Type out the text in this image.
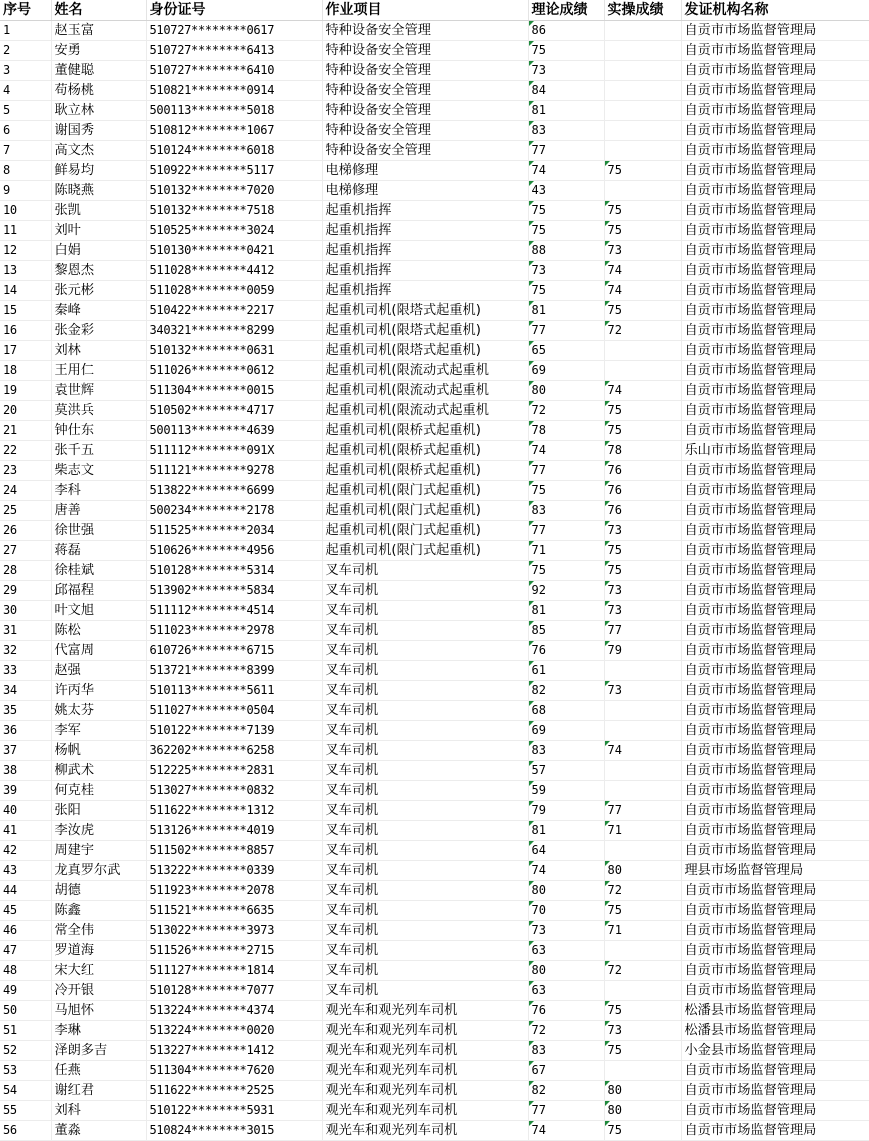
序号	姓名	身份证号	作业项目	理论成绩	实操成绩	发证机构名称
1	赵玉富	510727********0617	特种设备安全管理	86		自贡市市场监督管理局
2	安勇	510727********6413	特种设备安全管理	75		自贡市市场监督管理局
3	董健聪	510727********6410	特种设备安全管理	73		自贡市市场监督管理局
4	苟杨桃	510821********0914	特种设备安全管理	84		自贡市市场监督管理局
5	耿立林	500113********5018	特种设备安全管理	81		自贡市市场监督管理局
6	谢国秀	510812********1067	特种设备安全管理	83		自贡市市场监督管理局
7	高文杰	510124********6018	特种设备安全管理	77		自贡市市场监督管理局
8	鲜易均	510922********5117	电梯修理	74	75	自贡市市场监督管理局
9	陈晓燕	510132********7020	电梯修理	43		自贡市市场监督管理局
10	张凯	510132********7518	起重机指挥	75	75	自贡市市场监督管理局
11	刘叶	510525********3024	起重机指挥	75	75	自贡市市场监督管理局
12	白娟	510130********0421	起重机指挥	88	73	自贡市市场监督管理局
13	黎恩杰	511028********4412	起重机指挥	73	74	自贡市市场监督管理局
14	张元彬	511028********0059	起重机指挥	75	74	自贡市市场监督管理局
15	秦峰	510422********2217	起重机司机(限塔式起重机)	81	75	自贡市市场监督管理局
16	张金彩	340321********8299	起重机司机(限塔式起重机)	77	72	自贡市市场监督管理局
17	刘林	510132********0631	起重机司机(限塔式起重机)	65		自贡市市场监督管理局
18	王用仁	511026********0612	起重机司机(限流动式起重机	69		自贡市市场监督管理局
19	袁世辉	511304********0015	起重机司机(限流动式起重机	80	74	自贡市市场监督管理局
20	莫洪兵	510502********4717	起重机司机(限流动式起重机	72	75	自贡市市场监督管理局
21	钟仕东	500113********4639	起重机司机(限桥式起重机)	78	75	自贡市市场监督管理局
22	张千五	511112********091X	起重机司机(限桥式起重机)	74	78	乐山市市场监督管理局
23	柴志文	511121********9278	起重机司机(限桥式起重机)	77	76	自贡市市场监督管理局
24	李科	513822********6699	起重机司机(限门式起重机)	75	76	自贡市市场监督管理局
25	唐善	500234********2178	起重机司机(限门式起重机)	83	76	自贡市市场监督管理局
26	徐世强	511525********2034	起重机司机(限门式起重机)	77	73	自贡市市场监督管理局
27	蒋磊	510626********4956	起重机司机(限门式起重机)	71	75	自贡市市场监督管理局
28	徐桂斌	510128********5314	叉车司机	75	75	自贡市市场监督管理局
29	邱福程	513902********5834	叉车司机	92	73	自贡市市场监督管理局
30	叶文旭	511112********4514	叉车司机	81	73	自贡市市场监督管理局
31	陈松	511023********2978	叉车司机	85	77	自贡市市场监督管理局
32	代富周	610726********6715	叉车司机	76	79	自贡市市场监督管理局
33	赵强	513721********8399	叉车司机	61		自贡市市场监督管理局
34	许丙华	510113********5611	叉车司机	82	73	自贡市市场监督管理局
35	姚太芬	511027********0504	叉车司机	68		自贡市市场监督管理局
36	李军	510122********7139	叉车司机	69		自贡市市场监督管理局
37	杨帆	362202********6258	叉车司机	83	74	自贡市市场监督管理局
38	柳武术	512225********2831	叉车司机	57		自贡市市场监督管理局
39	何克桂	513027********0832	叉车司机	59		自贡市市场监督管理局
40	张阳	511622********1312	叉车司机	79	77	自贡市市场监督管理局
41	李汝虎	513126********4019	叉车司机	81	71	自贡市市场监督管理局
42	周建宇	511502********8857	叉车司机	64		自贡市市场监督管理局
43	龙真罗尔武	513222********0339	叉车司机	74	80	理县市场监督管理局
44	胡德	511923********2078	叉车司机	80	72	自贡市市场监督管理局
45	陈鑫	511521********6635	叉车司机	70	75	自贡市市场监督管理局
46	常全伟	513022********3973	叉车司机	73	71	自贡市市场监督管理局
47	罗道海	511526********2715	叉车司机	63		自贡市市场监督管理局
48	宋大红	511127********1814	叉车司机	80	72	自贡市市场监督管理局
49	冷开银	510128********7077	叉车司机	63		自贡市市场监督管理局
50	马旭怀	513224********4374	观光车和观光列车司机	76	75	松潘县市场监督管理局
51	李琳	513224********0020	观光车和观光列车司机	72	73	松潘县市场监督管理局
52	泽朗多吉	513227********1412	观光车和观光列车司机	83	75	小金县市场监督管理局
53	任燕	511304********7620	观光车和观光列车司机	67		自贡市市场监督管理局
54	谢红君	511622********2525	观光车和观光列车司机	82	80	自贡市市场监督管理局
55	刘科	510122********5931	观光车和观光列车司机	77	80	自贡市市场监督管理局
56	董淼	510824********3015	观光车和观光列车司机	74	75	自贡市市场监督管理局
